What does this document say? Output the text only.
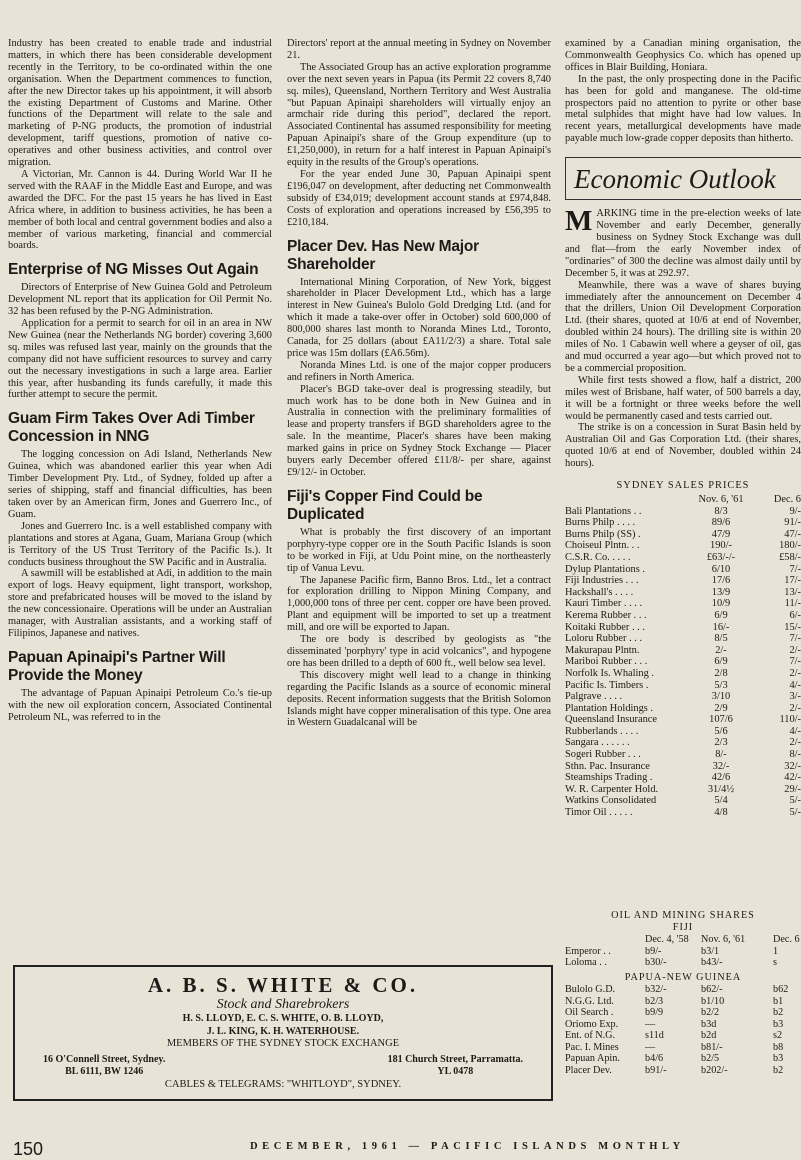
Industry has been created to enable trade and industrial matters, in which there has been considerable development recently in the Territory, to be co-ordinated within the one organisation. When the Department commences to function, after the new Director takes up his appointment, it will absorb the existing Department of Customs and Marine. Other functions of the Department will relate to the sale and marketing of P-NG products, the promotion of industrial development, tariff questions, promotion of native co-operatives and other business activities, and control over migration.

A Victorian, Mr. Cannon is 44. During World War II he served with the RAAF in the Middle East and Europe, and was awarded the DFC. For the past 15 years he has lived in East Africa where, in addition to business activities, he has been a member of both local and central government bodies and also a member of various marketing, financial and commercial boards.

Enterprise of NG Misses Out Again

Directors of Enterprise of New Guinea Gold and Petroleum Development NL report that its application for Oil Permit No. 32 has been refused by the P-NG Administration.

Application for a permit to search for oil in an area in NW New Guinea (near the Netherlands NG border) covering 3,600 sq. miles was refused last year, mainly on the grounds that the company did not have sufficient resources to survey and carry out the necessary investigations in such a large area. Earlier this year, after husbanding its funds carefully, it made this further attempt to secure the permit.

Guam Firm Takes Over Adi Timber Concession in NNG

The logging concession on Adi Island, Netherlands New Guinea, which was abandoned earlier this year when Adi Timber Development Pty. Ltd., of Sydney, folded up after a series of shipping, staff and financial difficulties, has been taken over by an American firm, Jones and Guerrero Inc., of Guam.

Jones and Guerrero Inc. is a well established company with plantations and stores at Agana, Guam, Mariana Group (which is Territory of the US Trust Territory of the Pacific Is.). It conducts business throughout the SW Pacific and in Australia.

A sawmill will be established at Adi, in addition to the main export of logs. Heavy equipment, light transport, workshop, store and prefabricated houses will be moved to the island by the new concessionaire. Operations will be under an Australian manager, with Australian assistants, and a working staff of Filipinos, Japanese and natives.

Papuan Apinaipi's Partner Will Provide the Money

The advantage of Papuan Apinaipi Petroleum Co.'s tie-up with the new oil exploration concern, Associated Continental Petroleum NL, was referred to in the

Directors' report at the annual meeting in Sydney on November 21.

The Associated Group has an active exploration programme over the next seven years in Papua (its Permit 22 covers 8,740 sq. miles), Queensland, Northern Territory and West Australia "but Papuan Apinaipi shareholders will virtually enjoy an armchair ride during this period", declared the report. Associated Continental has assumed responsibility for meeting Papuan Apinaipi's share of the Group expenditure (up to £1,250,000), in return for a half interest in Papuan Apinaipi's equity in the results of the Group's operations.

For the year ended June 30, Papuan Apinaipi spent £196,047 on development, after deducting net Commonwealth subsidy of £34,019; development account stands at £974,848. Costs of exploration and operations increased by £56,395 to £210,184.

Placer Dev. Has New Major Shareholder

International Mining Corporation, of New York, biggest shareholder in Placer Development Ltd., which has a large interest in New Guinea's Bulolo Gold Dredging Ltd. (and for which it made a take-over offer in October) sold 600,000 of 800,000 shares last month to Noranda Mines Ltd., Toronto, Canada, for 25 dollars (about £A11/2/3) a share. Total sale price was 15m dollars (£A6.56m).

Noranda Mines Ltd. is one of the major copper producers and refiners in North America.

Placer's BGD take-over deal is progressing steadily, but much work has to be done both in New Guinea and in Australia in connection with the preliminary formalities of lease and property transfers if BGD shareholders agree to the sale. In the meantime, Placer's shares have been making marked gains in price on Sydney Stock Exchange — Placer buyers early December offered £11/8/- per share, against £9/12/- in October.

Fiji's Copper Find Could be Duplicated

What is probably the first discovery of an important porphyry-type copper ore in the South Pacific Islands is soon to be worked in Fiji, at Udu Point mine, on the northeasterly tip of Vanua Levu.

The Japanese Pacific firm, Banno Bros. Ltd., let a contract for exploration drilling to Nippon Mining Company, and 1,000,000 tons of three per cent. copper ore have been proved. Plant and equipment will be imported to set up a treatment mill, and ore will be exported to Japan.

The ore body is described by geologists as "the disseminated 'porphyry' type in acid volcanics", and hypogene ore has been drilled to a depth of 600 ft., well below sea level.

This discovery might well lead to a change in thinking regarding the Pacific Islands as a source of economic mineral deposits. Recent information suggests that the British Solomon Islands might have copper mineralisation of this type. One area in Western Guadalcanal will be

examined by a Canadian mining organisation, the Commonwealth Geophysics Co. which has opened up offices in Blair Building, Honiara.

In the past, the only prospecting done in the Pacific has been for gold and manganese. The old-time prospectors paid no attention to pyrite or other base metal sulphides that might have had low values. In recent years, metallurgical developments have made payable much low-grade copper deposits than hitherto.

Economic Outlook

MARKING time in the pre-election weeks of late November and early December, generally business on Sydney Stock Exchange was dull and flat—from the early November index of "ordinaries" of 300 the decline was almost daily until by December 5, it was at 292.97.

Meanwhile, there was a wave of shares buying immediately after the announcement on December 4 that the drillers, Union Oil Development Corporation Ltd. (their shares, quoted at 10/6 at end of November, doubled within 24 hours). The drilling site is within 20 miles of No. 1 Cabawin well where a geyser of oil, gas and mud occurred a year ago—but which proved not to be a commercial proposition.

While first tests showed a flow, half a district, 200 miles west of Brisbane, half water, of 500 barrels a day, it will be a fortnight or three weeks before the well would be permanently cased and tests carried out.

The strike is on a concession in Surat Basin held by Australian Oil and Gas Corporation Ltd. (their shares, quoted 10/6 at end of November, doubled within 24 hours).

SYDNEY SALES PRICES
	Nov. 6, '61	Dec. 6
Bali Plantations . .	8/3	9/-
Burns Philp . . . .	89/6	91/-
Burns Philp (SS) .	47/9	47/-
Choiseul Plntn. . .	190/-	180/-
C.S.R. Co. . . . .	£63/-/-	£58/-
Dylup Plantations .	6/10	7/-
Fiji Industries . . .	17/6	17/-
Hackshall's . . . .	13/9	13/-
Kauri Timber . . . .	10/9	11/-
Kerema Rubber . . .	6/9	6/-
Koitaki Rubber . . .	16/-	15/-
Loloru Rubber . . .	8/5	7/-
Makurapau Plntn.	2/-	2/-
Mariboi Rubber . . .	6/9	7/-
Norfolk Is. Whaling .	2/8	2/-
Pacific Is. Timbers .	5/3	4/-
Palgrave . . . .	3/10	3/-
Plantation Holdings .	2/9	2/-
Queensland Insurance	107/6	110/-
Rubberlands . . . .	5/6	4/-
Sangara . . . . . .	2/3	2/-
Sogeri Rubber . . .	8/-	8/-
Sthn. Pac. Insurance	32/-	32/-
Steamships Trading .	42/6	42/-
W. R. Carpenter Hold.	31/4½	29/-
Watkins Consolidated	5/4	5/-
Timor Oil . . . . .	4/8	5/-
OIL AND MINING SHARES
FIJI
	Dec. 4, '58	Nov. 6, '61	Dec. 6
Emperor . .	b9/-	b3/1	1
Loloma . .	b30/-	b43/-	s
PAPUA-NEW GUINEA
Bulolo G.D.	b32/-	b62/-	b62
N.G.G. Ltd.	b2/3	b1/10	b1
Oil Search .	b9/9	b2/2	b2
Oriomo Exp.	—	b3d	b3
Ent. of N.G.	s11d	b2d	s2
Pac. I. Mines	—	b81/-	b8
Papuan Apin.	b4/6	b2/5	b3
Placer Dev.	b91/-	b202/-	b2
A. B. S. WHITE & CO.
Stock and Sharebrokers
H. S. LLOYD, E. C. S. WHITE, O. B. LLOYD,
J. L. KING, K. H. WATERHOUSE.
MEMBERS OF THE SYDNEY STOCK EXCHANGE
16 O'Connell Street, Sydney.
BL 6111, BW 1246
181 Church Street, Parramatta.
YL 0478
CABLES & TELEGRAMS: "WHITLOYD", SYDNEY.
150	DECEMBER, 1961 — PACIFIC ISLANDS MONTHLY
